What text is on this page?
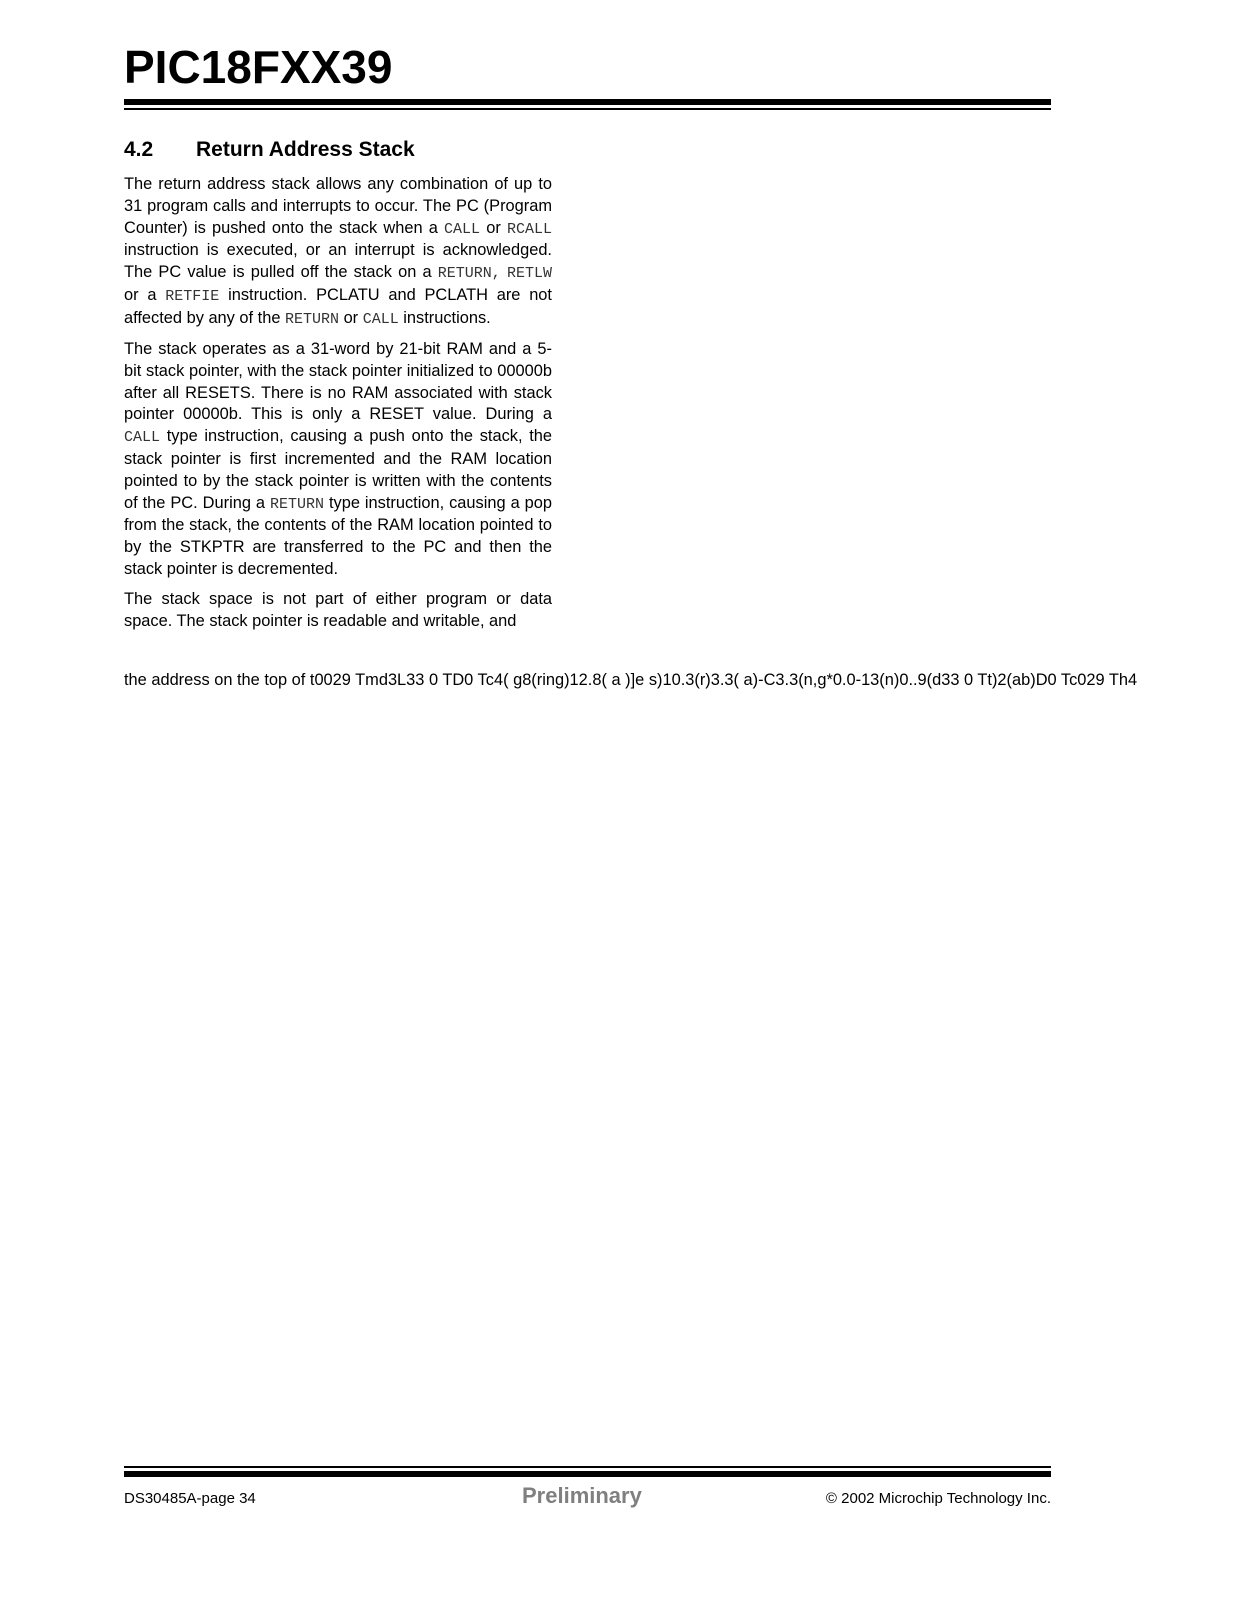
PIC18FXX39
4.2 Return Address Stack

The return address stack allows any combination of up to 31 program calls and interrupts to occur. The PC (Program Counter) is pushed onto the stack when a CALL or RCALL instruction is executed, or an interrupt is acknowledged. The PC value is pulled off the stack on a RETURN, RETLW or a RETFIE instruction. PCLATU and PCLATH are not affected by any of the RETURN or CALL instructions.

The stack operates as a 31-word by 21-bit RAM and a 5-bit stack pointer, with the stack pointer initialized to 00000b after all RESETS. There is no RAM associated with stack pointer 00000b. This is only a RESET value. During a CALL type instruction, causing a push onto the stack, the stack pointer is first incremented and the RAM location pointed to by the stack pointer is written with the contents of the PC. During a RETURN type instruction, causing a pop from the stack, the contents of the RAM location pointed to by the STKPTR are transferred to the PC and then the stack pointer is decremented.

The stack space is not part of either program or data space. The stack pointer is readable and writable, and

the address on the top of t0029 Tmd3L33 0 TD0 Tc4( g8(ring)12.8( a )]e s)10.3(r)3.3( a)-C3.3(n,g*0.0-13(n)0..9(d33 0 Tt)2(ab)D0 Tc029 Th4
DS30485A-page 34	Preliminary	© 2002 Microchip Technology Inc.
